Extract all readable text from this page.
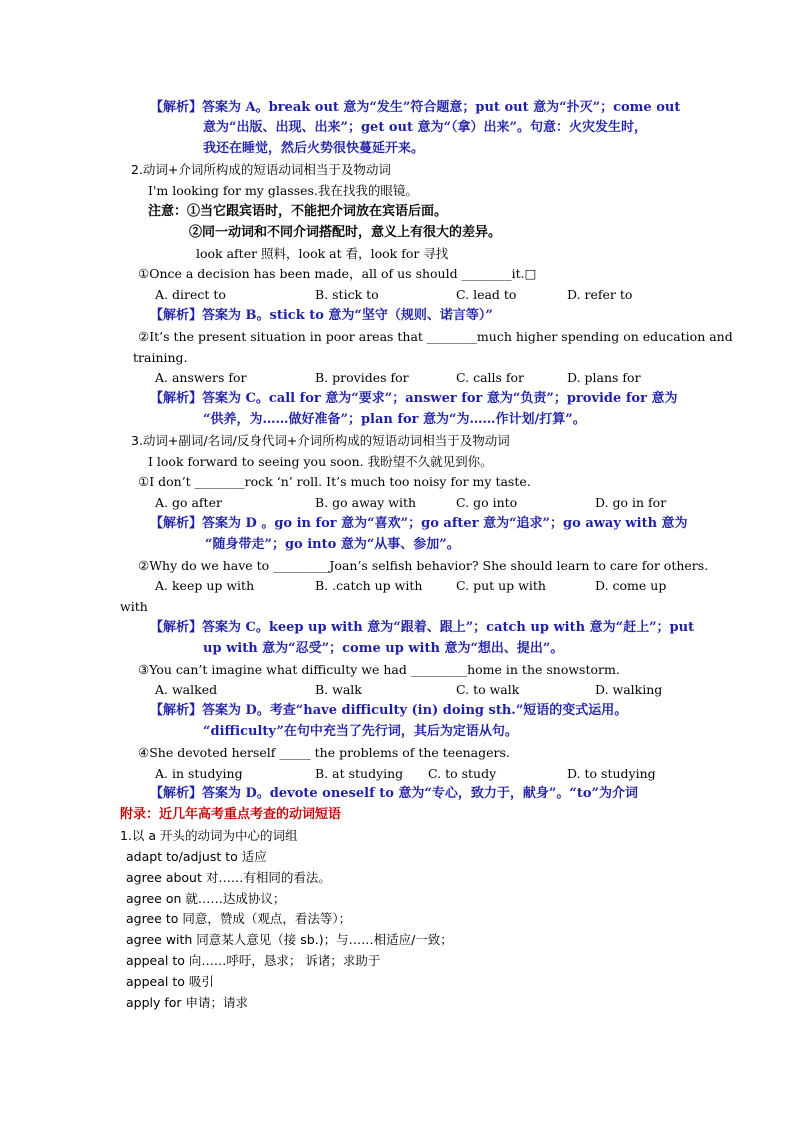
【解析】答案为 A。break out 意为“发生”符合题意；put out 意为“扑灭”；come out
意为“出版、出现、出来”；get out 意为“（拿）出来”。句意：火灾发生时，
我还在睡觉，然后火势很快蔓延开来。
2.动词+介词所构成的短语动词相当于及物动词
I'm looking for my glasses.我在找我的眼镜。
注意：①当它跟宾语时，不能把介词放在宾语后面。
②同一动词和不同介词搭配时，意义上有很大的差异。
look after 照料，look at 看，look for 寻找
①Once a decision has been made，all of us should ________it.□
A. direct to	B. stick to	C. lead to	D. refer to
【解析】答案为 B。stick to 意为“坚守（规则、诺言等）”
②It’s the present situation in poor areas that ________much higher spending on education and
training.
A. answers for	B. provides for	C. calls for	D. plans for
【解析】答案为 C。call for 意为“要求”；answer for 意为“负责”；provide for 意为
“供养，为……做好准备”；plan for 意为“为……作计划/打算”。
3.动词+副词/名词/反身代词+介词所构成的短语动词相当于及物动词
I look forward to seeing you soon. 我盼望不久就见到你。
①I don’t ________rock ‘n’ roll. It’s much too noisy for my taste.
A. go after	B. go away with	C. go into	D. go in for
【解析】答案为 D 。go in for 意为“喜欢”；go after 意为“追求”；go away with 意为
“随身带走”；go into 意为“从事、参加”。
②Why do we have to _________Joan’s selfish behavior? She should learn to care for others.
A. keep up with	B. .catch up with	C. put up with	D. come up
with
【解析】答案为 C。keep up with 意为“跟着、跟上”；catch up with 意为“赶上”；put
up with 意为“忍受”；come up with 意为“想出、提出”。
③You can’t imagine what difficulty we had _________home in the snowstorm.
A. walked	B. walk	C. to walk	D. walking
【解析】答案为 D。考查“have difficulty (in) doing sth.”短语的变式运用。
“difficulty”在句中充当了先行词，其后为定语从句。
④She devoted herself _____ the problems of the teenagers.
A. in studying	B. at studying C. to study	D. to studying
【解析】答案为 D。devote oneself to 意为“专心，致力于，献身”。“to”为介词
附录：近几年高考重点考查的动词短语
1.以 a 开头的动词为中心的词组
adapt to/adjust to 适应
agree about 对……有相同的看法。
agree on 就……达成协议；
agree to 同意，赞成（观点，看法等）；
agree with 同意某人意见（接 sb.)；与……相适应/一致；
appeal to 向……呼吁，恳求； 诉诸；求助于
appeal to 吸引
apply for 申请；请求
